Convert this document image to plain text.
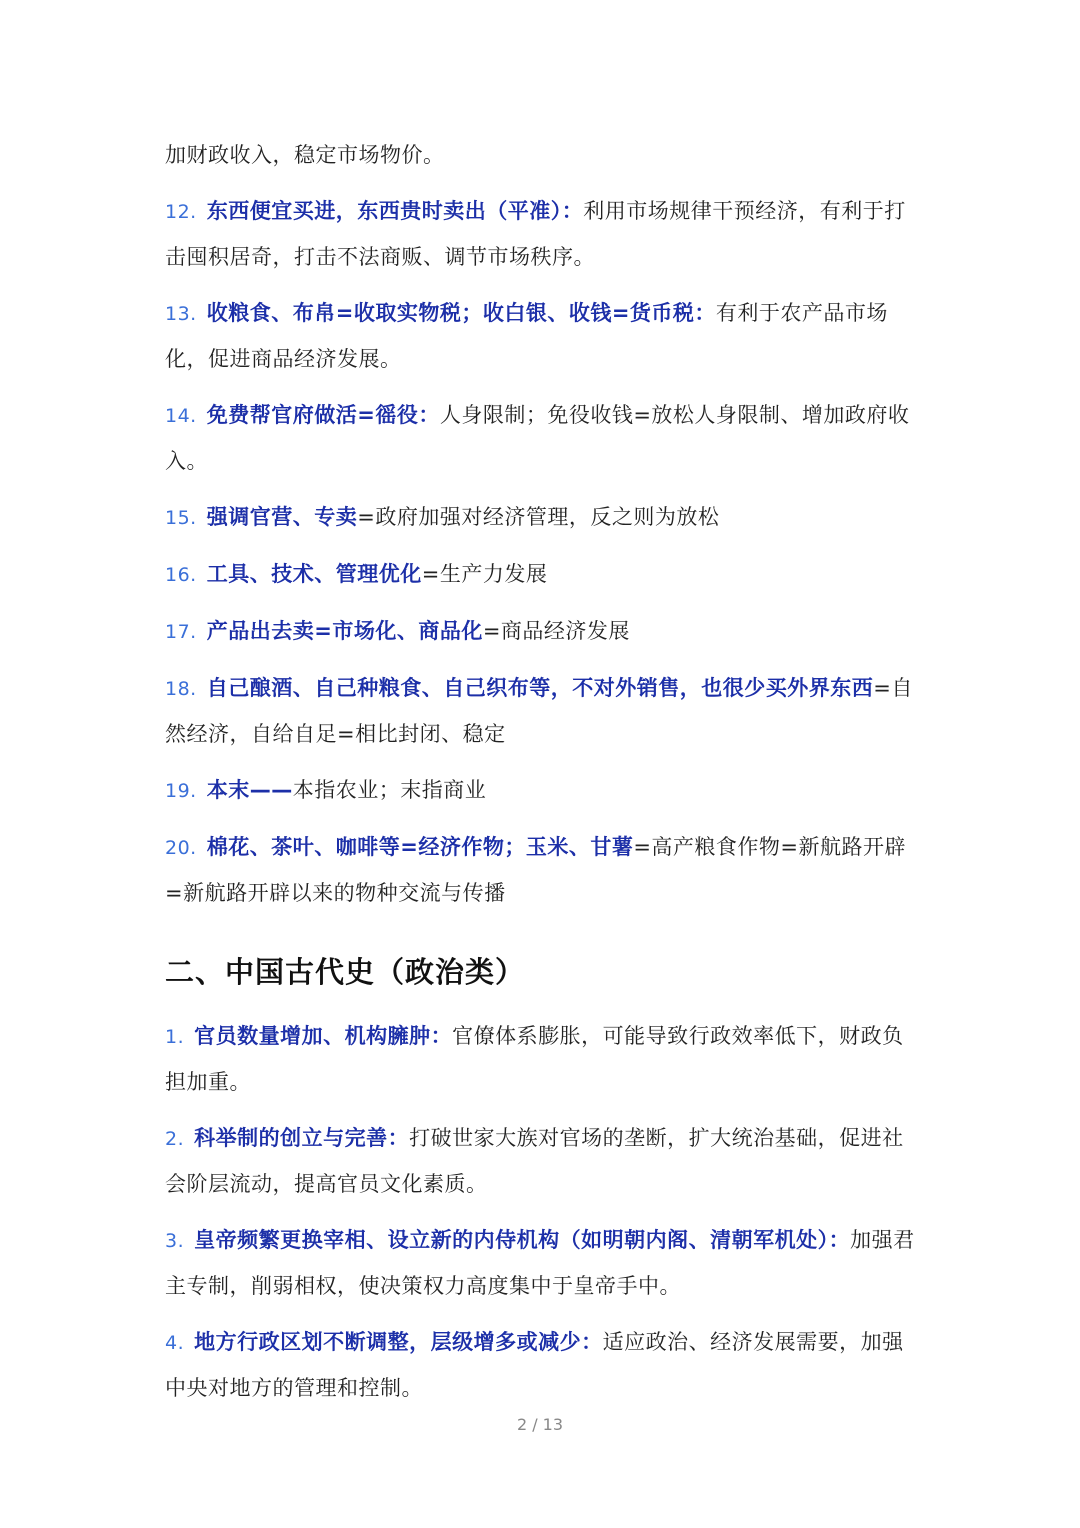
加财政收入，稳定市场物价。

12. 东西便宜买进，东西贵时卖出（平准）：利用市场规律干预经济，有利于打击囤积居奇，打击不法商贩、调节市场秩序。

13. 收粮食、布帛=收取实物税；收白银、收钱=货币税：有利于农产品市场化，促进商品经济发展。

14. 免费帮官府做活=徭役：人身限制；免役收钱=放松人身限制、增加政府收入。

15. 强调官营、专卖=政府加强对经济管理，反之则为放松

16. 工具、技术、管理优化=生产力发展

17. 产品出去卖=市场化、商品化=商品经济发展

18. 自己酿酒、自己种粮食、自己织布等，不对外销售，也很少买外界东西=自然经济，自给自足=相比封闭、稳定

19. 本末——本指农业；末指商业

20. 棉花、茶叶、咖啡等=经济作物；玉米、甘薯=高产粮食作物=新航路开辟=新航路开辟以来的物种交流与传播

二、中国古代史（政治类）

1. 官员数量增加、机构臃肿：官僚体系膨胀，可能导致行政效率低下，财政负担加重。

2. 科举制的创立与完善：打破世家大族对官场的垄断，扩大统治基础，促进社会阶层流动，提高官员文化素质。

3. 皇帝频繁更换宰相、设立新的内侍机构（如明朝内阁、清朝军机处）：加强君主专制，削弱相权，使决策权力高度集中于皇帝手中。

4. 地方行政区划不断调整，层级增多或减少：适应政治、经济发展需要，加强中央对地方的管理和控制。

2 / 13
